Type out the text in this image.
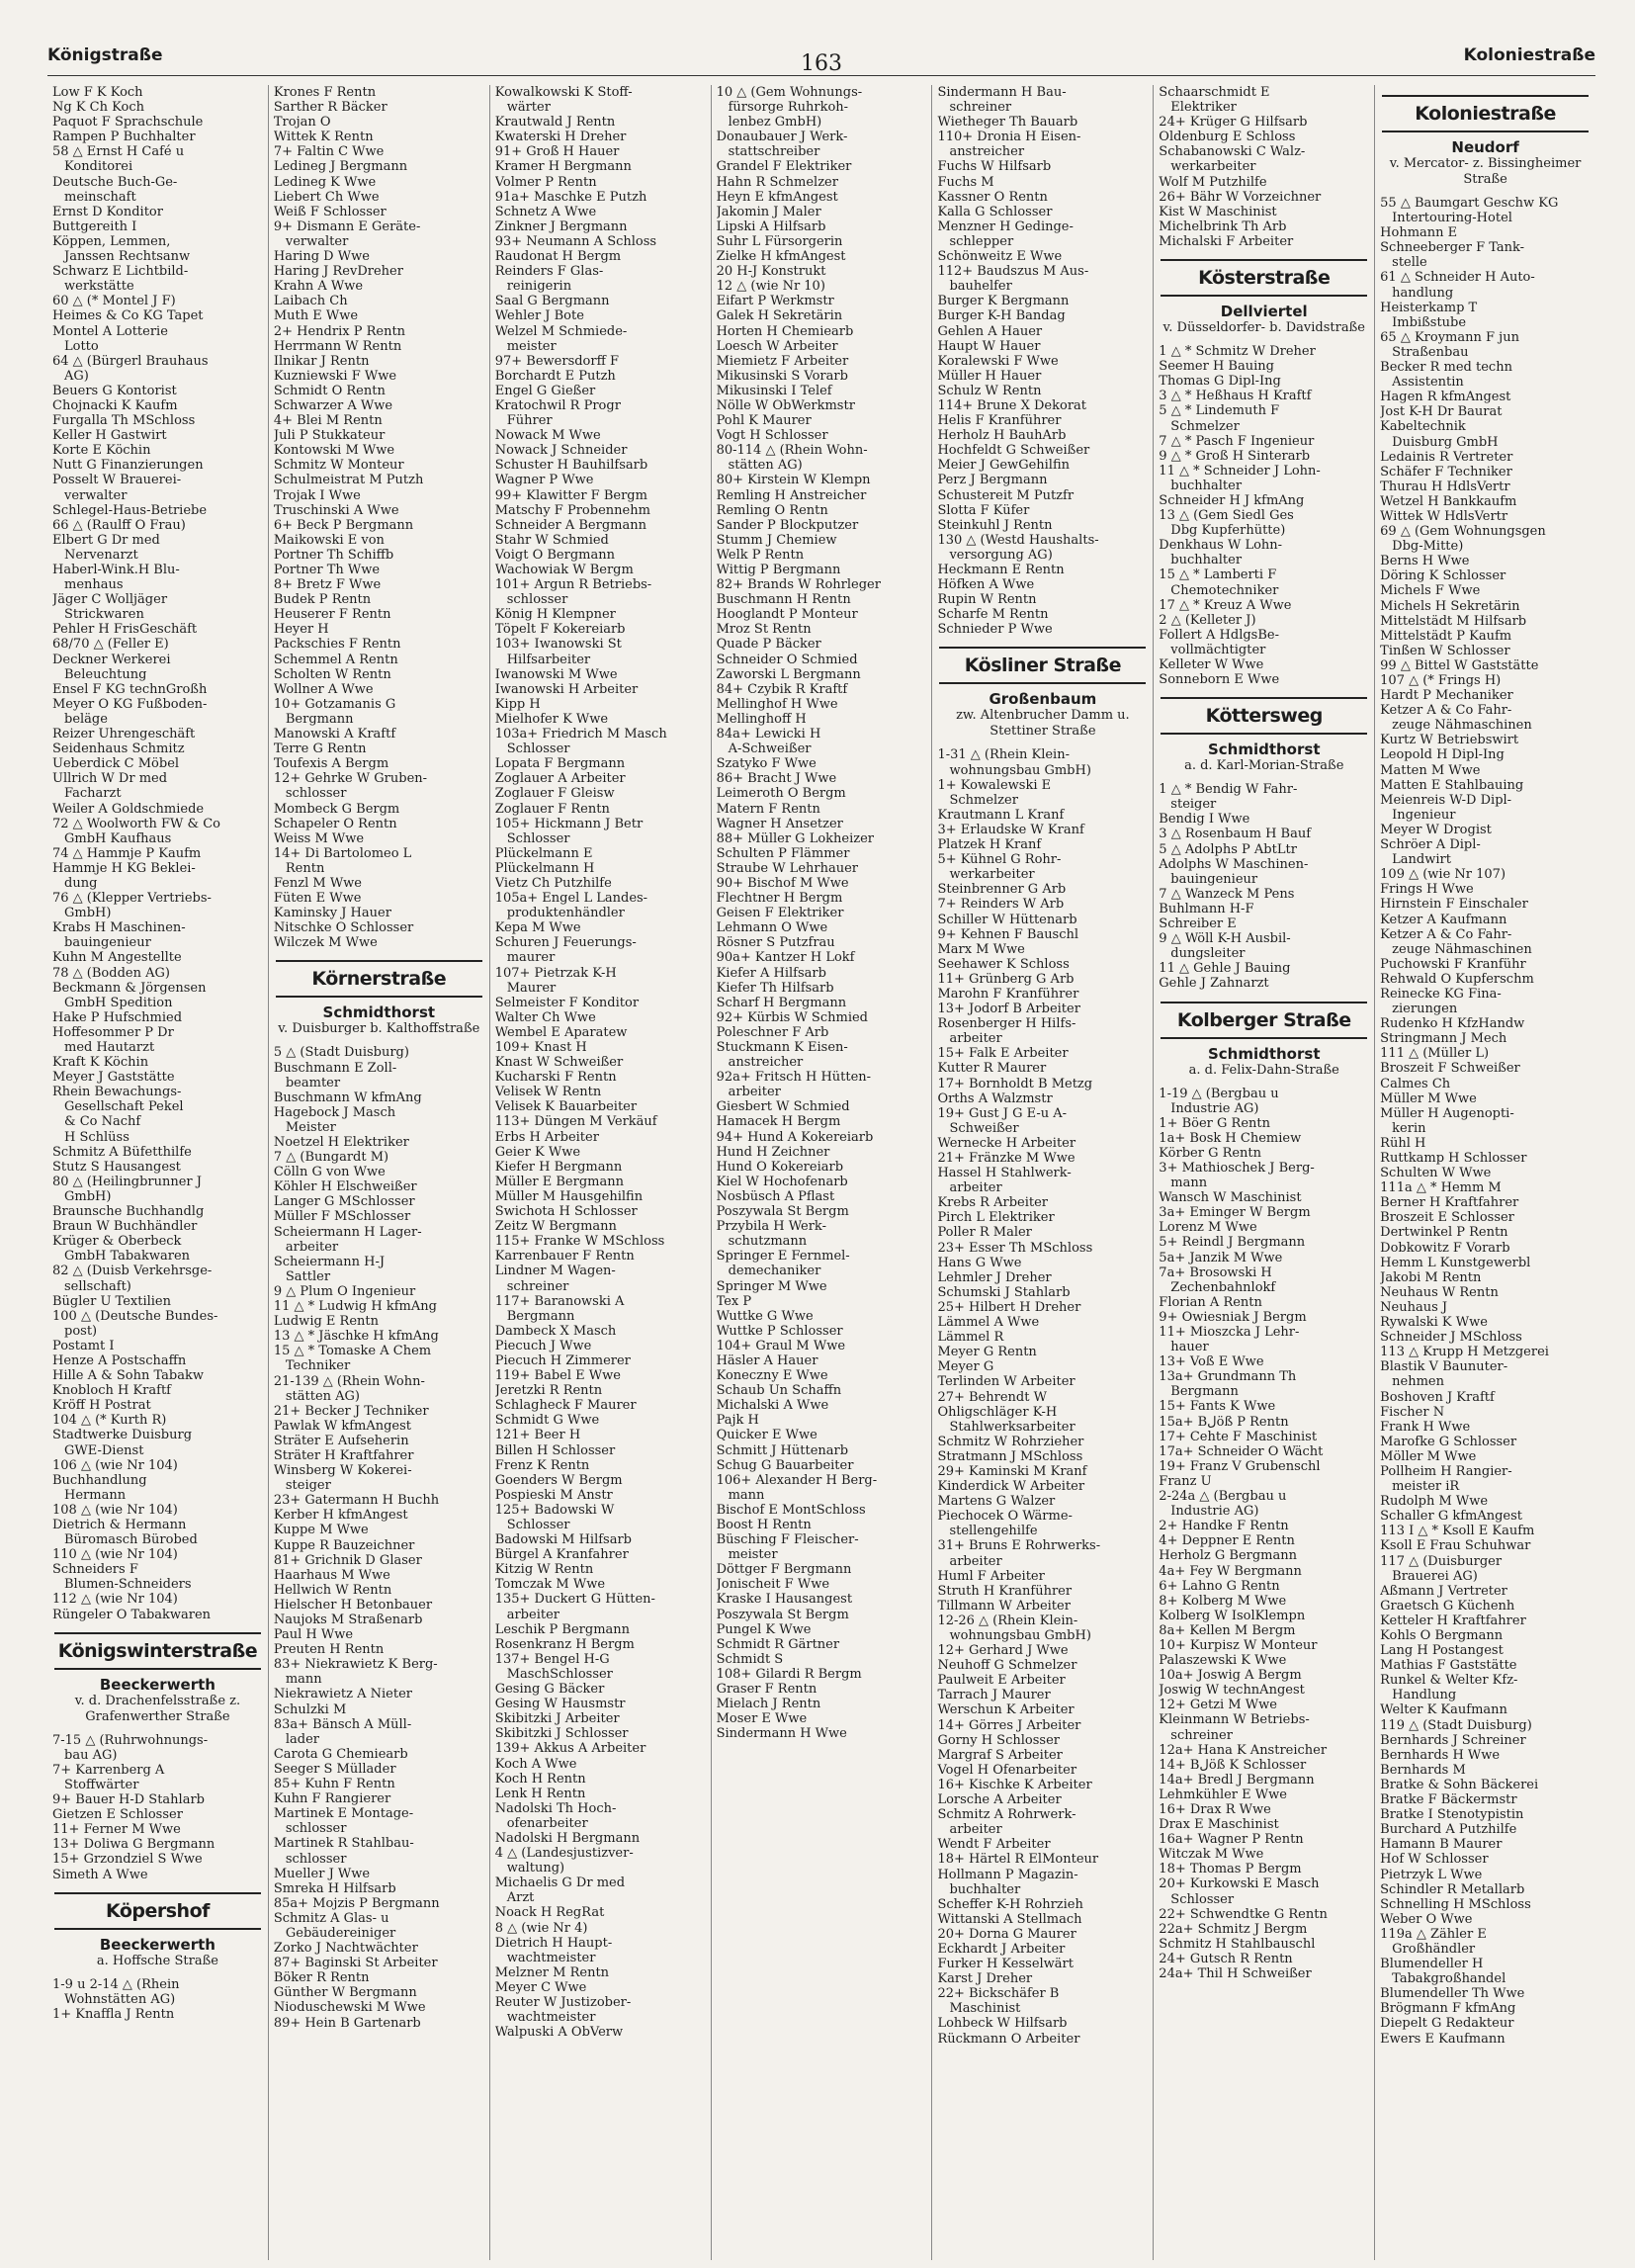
Königstraße	163	Koloniestraße
Low F K Koch
Ng K Ch Koch
Paquot F Sprachschule
Rampen P Buchhalter
58 △ Ernst H Café u
Konditorei
Deutsche Buch-Ge-
meinschaft
Ernst D Konditor
Buttgereith I
Köppen, Lemmen,
Janssen Rechtsanw
Schwarz E Lichtbild-
werkstätte
60 △ (* Montel J F)
Heimes & Co KG Tapet
Montel A Lotterie
Lotto
64 △ (Bürgerl Brauhaus
AG)
Beuers G Kontorist
Chojnacki K Kaufm
Furgalla Th MSchloss
Keller H Gastwirt
Korte E Köchin
Nutt G Finanzierungen
Posselt W Brauerei-
verwalter
Schlegel-Haus-Betriebe
66 △ (Raulff O Frau)
Elbert G Dr med
Nervenarzt
Haberl-Wink.H Blu-
menhaus
Jäger C Wolljäger
Strickwaren
Pehler H FrisGeschäft
68/70 △ (Feller E)
Deckner Werkerei
Beleuchtung
Ensel F KG technGroßh
Meyer O KG Fußboden-
beläge
Reizer Uhrengeschäft
Seidenhaus Schmitz
Ueberdick C Möbel
Ullrich W Dr med
Facharzt
Weiler A Goldschmiede
72 △ Woolworth FW & Co
GmbH Kaufhaus
74 △ Hammje P Kaufm
Hammje H KG Beklei-
dung
76 △ (Klepper Vertriebs-
GmbH)
Krabs H Maschinen-
bauingenieur
Kuhn M Angestellte
78 △ (Bodden AG)
Beckmann & Jörgensen
GmbH Spedition
Hake P Hufschmied
Hoffesommer P Dr
med Hautarzt
Kraft K Köchin
Meyer J Gaststätte
Rhein Bewachungs-
Gesellschaft Pekel
& Co Nachf
H Schlüss
Schmitz A Büfetthilfe
Stutz S Hausangest
80 △ (Heilingbrunner J
GmbH)
Braunsche Buchhandlg
Braun W Buchhändler
Krüger & Oberbeck
GmbH Tabakwaren
82 △ (Duisb Verkehrsge-
sellschaft)
Bügler U Textilien
100 △ (Deutsche Bundes-
post)
Postamt I
Henze A Postschaffn
Hille A & Sohn Tabakw
Knobloch H Kraftf
Kröff H Postrat
104 △ (* Kurth R)
Stadtwerke Duisburg
GWE-Dienst
106 △ (wie Nr 104)
Buchhandlung
Hermann
108 △ (wie Nr 104)
Dietrich & Hermann
Büromasch Bürobed
110 △ (wie Nr 104)
Schneiders F
Blumen-Schneiders
112 △ (wie Nr 104)
Rüngeler O Tabakwaren
Königswinterstraße
Beeckerwerth
v. d. Drachenfelsstraße z. Grafenwerther Straße
7-15 △ (Ruhrwohnungs-
bau AG)
7+ Karrenberg A
Stoffwärter
9+ Bauer H-D Stahlarb
Gietzen E Schlosser
11+ Ferner M Wwe
13+ Doliwa G Bergmann
15+ Grzondziel S Wwe
Simeth A Wwe
Köpershof
Beeckerwerth
a. Hoffsche Straße
1-9 u 2-14 △ (Rhein
Wohnstätten AG)
1+ Knaffla J Rentn
Krones F Rentn
Sarther R Bäcker
Trojan O
Wittek K Rentn
7+ Faltin C Wwe
Ledineg J Bergmann
Ledineg K Wwe
Liebert Ch Wwe
Weiß F Schlosser
9+ Dismann E Geräte-
verwalter
Haring D Wwe
Haring J RevDreher
Krahn A Wwe
Laibach Ch
Muth E Wwe
2+ Hendrix P Rentn
Herrmann W Rentn
Ilnikar J Rentn
Kuzniewski F Wwe
Schmidt O Rentn
Schwarzer A Wwe
4+ Blei M Rentn
Juli P Stukkateur
Kontowski M Wwe
Schmitz W Monteur
Schulmeistrat M Putzh
Trojak I Wwe
Truschinski A Wwe
6+ Beck P Bergmann
Maikowski E von
Portner Th Schiffb
Portner Th Wwe
8+ Bretz F Wwe
Budek P Rentn
Heuserer F Rentn
Heyer H
Packschies F Rentn
Schemmel A Rentn
Scholten W Rentn
Wollner A Wwe
10+ Gotzamanis G
Bergmann
Manowski A Kraftf
Terre G Rentn
Toufexis A Bergm
12+ Gehrke W Gruben-
schlosser
Mombeck G Bergm
Schapeler O Rentn
Weiss M Wwe
14+ Di Bartolomeo L
Rentn
Fenzl M Wwe
Füten E Wwe
Kaminsky J Hauer
Nitschke O Schlosser
Wilczek M Wwe
Körnerstraße
Schmidthorst
v. Duisburger b. Kalthoffstraße
5 △ (Stadt Duisburg)
Buschmann E Zoll-
beamter
Buschmann W kfmAng
Hagebock J Masch
Meister
Noetzel H Elektriker
7 △ (Bungardt M)
Cölln G von Wwe
Köhler H Elschweißer
Langer G MSchlosser
Müller F MSchlosser
Scheiermann H Lager-
arbeiter
Scheiermann H-J
Sattler
9 △ Plum O Ingenieur
11 △ * Ludwig H kfmAng
Ludwig E Rentn
13 △ * Jäschke H kfmAng
15 △ * Tomaske A Chem
Techniker
21-139 △ (Rhein Wohn-
stätten AG)
21+ Becker J Techniker
Pawlak W kfmAngest
Sträter E Aufseherin
Sträter H Kraftfahrer
Winsberg W Kokerei-
steiger
23+ Gatermann H Buchh
Kerber H kfmAngest
Kuppe M Wwe
Kuppe R Bauzeichner
81+ Grichnik D Glaser
Haarhaus M Wwe
Hellwich W Rentn
Hielscher H Betonbauer
Naujoks M Straßenarb
Paul H Wwe
Preuten H Rentn
83+ Niekrawietz K Berg-
mann
Niekrawietz A Nieter
Schulzki M
83a+ Bänsch A Müll-
lader
Carota G Chemiearb
Seeger S Müllader
85+ Kuhn F Rentn
Kuhn F Rangierer
Martinek E Montage-
schlosser
Martinek R Stahlbau-
schlosser
Mueller J Wwe
Smreka H Hilfsarb
85a+ Mojzis P Bergmann
Schmitz A Glas- u
Gebäudereiniger
Zorko J Nachtwächter
87+ Baginski St Arbeiter
Böker R Rentn
Günther W Bergmann
Nioduschewski M Wwe
89+ Hein B Gartenarb
Kowalkowski K Stoff-
wärter
Krautwald J Rentn
Kwaterski H Dreher
91+ Groß H Hauer
Kramer H Bergmann
Volmer P Rentn
91a+ Maschke E Putzh
Schnetz A Wwe
Zinkner J Bergmann
93+ Neumann A Schloss
Raudonat H Bergm
Reinders F Glas-
reinigerin
Saal G Bergmann
Wehler J Bote
Welzel M Schmiede-
meister
97+ Bewersdorff F
Borchardt E Putzh
Engel G Gießer
Kratochwil R Progr
Führer
Nowack M Wwe
Nowack J Schneider
Schuster H Bauhilfsarb
Wagner P Wwe
99+ Klawitter F Bergm
Matschy F Probennehm
Schneider A Bergmann
Stahr W Schmied
Voigt O Bergmann
Wachowiak W Bergm
101+ Argun R Betriebs-
schlosser
König H Klempner
Töpelt F Kokereiarb
103+ Iwanowski St
Hilfsarbeiter
Iwanowski M Wwe
Iwanowski H Arbeiter
Kipp H
Mielhofer K Wwe
103a+ Friedrich M Masch
Schlosser
Lopata F Bergmann
Zoglauer A Arbeiter
Zoglauer F Gleisw
Zoglauer F Rentn
105+ Hickmann J Betr
Schlosser
Plückelmann E
Plückelmann H
Vietz Ch Putzhilfe
105a+ Engel L Landes-
produktenhändler
Kepa M Wwe
Schuren J Feuerungs-
maurer
107+ Pietrzak K-H
Maurer
Selmeister F Konditor
Walter Ch Wwe
Wembel E Aparatew
109+ Knast H
Knast W Schweißer
Kucharski F Rentn
Velisek W Rentn
Velisek K Bauarbeiter
113+ Düngen M Verkäuf
Erbs H Arbeiter
Geier K Wwe
Kiefer H Bergmann
Müller E Bergmann
Müller M Hausgehilfin
Swichota H Schlosser
Zeitz W Bergmann
115+ Franke W MSchloss
Karrenbauer F Rentn
Lindner M Wagen-
schreiner
117+ Baranowski A
Bergmann
Dambeck X Masch
Piecuch J Wwe
Piecuch H Zimmerer
119+ Babel E Wwe
Jeretzki R Rentn
Schlagheck F Maurer
Schmidt G Wwe
121+ Beer H
Billen H Schlosser
Frenz K Rentn
Goenders W Bergm
Pospieski M Anstr
125+ Badowski W
Schlosser
Badowski M Hilfsarb
Bürgel A Kranfahrer
Kitzig W Rentn
Tomczak M Wwe
135+ Duckert G Hütten-
arbeiter
Leschik P Bergmann
Rosenkranz H Bergm
137+ Bengel H-G
MaschSchlosser
Gesing G Bäcker
Gesing W Hausmstr
Skibitzki J Arbeiter
Skibitzki J Schlosser
139+ Akkus A Arbeiter
Koch A Wwe
Koch H Rentn
Lenk H Rentn
Nadolski Th Hoch-
ofenarbeiter
Nadolski H Bergmann
4 △ (Landesjustizver-
waltung)
Michaelis G Dr med
Arzt
Noack H RegRat
8 △ (wie Nr 4)
Dietrich H Haupt-
wachtmeister
Melzner M Rentn
Meyer C Wwe
Reuter W Justizober-
wachtmeister
Walpuski A ObVerw
10 △ (Gem Wohnungs-
fürsorge Ruhrkoh-
lenbez GmbH)
Donaubauer J Werk-
stattschreiber
Grandel F Elektriker
Hahn R Schmelzer
Heyn E kfmAngest
Jakomin J Maler
Lipski A Hilfsarb
Suhr L Fürsorgerin
Zielke H kfmAngest
20 H-J Konstrukt
12 △ (wie Nr 10)
Eifart P Werkmstr
Galek H Sekretärin
Horten H Chemiearb
Loesch W Arbeiter
Miemietz F Arbeiter
Mikusinski S Vorarb
Mikusinski I Telef
Nölle W ObWerkmstr
Pohl K Maurer
Vogt H Schlosser
80-114 △ (Rhein Wohn-
stätten AG)
80+ Kirstein W Klempn
Remling H Anstreicher
Remling O Rentn
Sander P Blockputzer
Stumm J Chemiew
Welk P Rentn
Wittig P Bergmann
82+ Brands W Rohrleger
Buschmann H Rentn
Hooglandt P Monteur
Mroz St Rentn
Quade P Bäcker
Schneider O Schmied
Zaworski L Bergmann
84+ Czybik R Kraftf
Mellinghof H Wwe
Mellinghoff H
84a+ Lewicki H
A-Schweißer
Szatyko F Wwe
86+ Bracht J Wwe
Leimeroth O Bergm
Matern F Rentn
Wagner H Ansetzer
88+ Müller G Lokheizer
Schulten P Flämmer
Straube W Lehrhauer
90+ Bischof M Wwe
Flechtner H Bergm
Geisen F Elektriker
Lehmann O Wwe
Rösner S Putzfrau
90a+ Kantzer H Lokf
Kiefer A Hilfsarb
Kiefer Th Hilfsarb
Scharf H Bergmann
92+ Kürbis W Schmied
Poleschner F Arb
Stuckmann K Eisen-
anstreicher
92a+ Fritsch H Hütten-
arbeiter
Giesbert W Schmied
Hamacek H Bergm
94+ Hund A Kokereiarb
Hund H Zeichner
Hund O Kokereiarb
Kiel W Hochofenarb
Nosbüsch A Pflast
Poszywala St Bergm
Przybila H Werk-
schutzmann
Springer E Fernmel-
demechaniker
Springer M Wwe
Tex P
Wuttke G Wwe
Wuttke P Schlosser
104+ Graul M Wwe
Häsler A Hauer
Koneczny E Wwe
Schaub Un Schaffn
Michalski A Wwe
Pajk H
Quicker E Wwe
Schmitt J Hüttenarb
Schug G Bauarbeiter
106+ Alexander H Berg-
mann
Bischof E MontSchloss
Boost H Rentn
Büsching F Fleischer-
meister
Döttger F Bergmann
Jonischeit F Wwe
Kraske I Hausangest
Poszywala St Bergm
Pungel K Wwe
Schmidt R Gärtner
Schmidt S
108+ Gilardi R Bergm
Graser F Rentn
Mielach J Rentn
Moser E Wwe
Sindermann H Wwe
Sindermann H Bau-
schreiner
Wietheger Th Bauarb
110+ Dronia H Eisen-
anstreicher
Fuchs W Hilfsarb
Fuchs M
Kassner O Rentn
Kalla G Schlosser
Menzner H Gedinge-
schlepper
Schönweitz E Wwe
112+ Baudszus M Aus-
bauhelfer
Burger K Bergmann
Burger K-H Bandag
Gehlen A Hauer
Haupt W Hauer
Koralewski F Wwe
Müller H Hauer
Schulz W Rentn
114+ Brune X Dekorat
Helis F Kranführer
Herholz H BauhArb
Hochfeldt G Schweißer
Meier J GewGehilfin
Perz J Bergmann
Schustereit M Putzfr
Slotta F Küfer
Steinkuhl J Rentn
130 △ (Westd Haushalts-
versorgung AG)
Heckmann E Rentn
Höfken A Wwe
Rupin W Rentn
Scharfe M Rentn
Schnieder P Wwe
Kösliner Straße
Großenbaum
zw. Altenbrucher Damm u. Stettiner Straße
1-31 △ (Rhein Klein-
wohnungsbau GmbH)
1+ Kowalewski E
Schmelzer
Krautmann L Kranf
3+ Erlaudske W Kranf
Platzek H Kranf
5+ Kühnel G Rohr-
werkarbeiter
Steinbrenner G Arb
7+ Reinders W Arb
Schiller W Hüttenarb
9+ Kehnen F Bauschl
Marx M Wwe
Seehawer K Schloss
11+ Grünberg G Arb
Marohn F Kranführer
13+ Jodorf B Arbeiter
Rosenberger H Hilfs-
arbeiter
15+ Falk E Arbeiter
Kutter R Maurer
17+ Bornholdt B Metzg
Orths A Walzmstr
19+ Gust J G E-u A-
Schweißer
Wernecke H Arbeiter
21+ Fränzke M Wwe
Hassel H Stahlwerk-
arbeiter
Krebs R Arbeiter
Pirch L Elektriker
Poller R Maler
23+ Esser Th MSchloss
Hans G Wwe
Lehmler J Dreher
Schumski J Stahlarb
25+ Hilbert H Dreher
Lämmel A Wwe
Lämmel R
Meyer G Rentn
Meyer G
Terlinden W Arbeiter
27+ Behrendt W
Ohligschläger K-H
Stahlwerksarbeiter
Schmitz W Rohrzieher
Stratmann J MSchloss
29+ Kaminski M Kranf
Kinderdick W Arbeiter
Martens G Walzer
Piechocek O Wärme-
stellengehilfe
31+ Bruns E Rohrwerks-
arbeiter
Huml F Arbeiter
Struth H Kranführer
Tillmann W Arbeiter
12-26 △ (Rhein Klein-
wohnungsbau GmbH)
12+ Gerhard J Wwe
Neuhoff G Schmelzer
Paulweit E Arbeiter
Tarrach J Maurer
Werschun K Arbeiter
14+ Görres J Arbeiter
Gorny H Schlosser
Margraf S Arbeiter
Vogel H Ofenarbeiter
16+ Kischke K Arbeiter
Lorsche A Arbeiter
Schmitz A Rohrwerk-
arbeiter
Wendt F Arbeiter
18+ Härtel R ElMonteur
Hollmann P Magazin-
buchhalter
Scheffer K-H Rohrzieh
Wittanski A Stellmach
20+ Dorna G Maurer
Eckhardt J Arbeiter
Furker H Kesselwärt
Karst J Dreher
22+ Bickschäfer B
Maschinist
Lohbeck W Hilfsarb
Rückmann O Arbeiter
Schaarschmidt E
Elektriker
24+ Krüger G Hilfsarb
Oldenburg E Schloss
Schabanowski C Walz-
werkarbeiter
Wolf M Putzhilfe
26+ Bähr W Vorzeichner
Kist W Maschinist
Michelbrink Th Arb
Michalski F Arbeiter
Kösterstraße
Dellviertel
v. Düsseldorfer- b. Davidstraße
1 △ * Schmitz W Dreher
Seemer H Bauing
Thomas G Dipl-Ing
3 △ * Heßhaus H Kraftf
5 △ * Lindemuth F
Schmelzer
7 △ * Pasch F Ingenieur
9 △ * Groß H Sinterarb
11 △ * Schneider J Lohn-
buchhalter
Schneider H J kfmAng
13 △ (Gem Siedl Ges
Dbg Kupferhütte)
Denkhaus W Lohn-
buchhalter
15 △ * Lamberti F
Chemotechniker
17 △ * Kreuz A Wwe
2 △ (Kelleter J)
Follert A HdlgsBe-
vollmächtigter
Kelleter W Wwe
Sonneborn E Wwe
Köttersweg
Schmidthorst
a. d. Karl-Morian-Straße
1 △ * Bendig W Fahr-
steiger
Bendig I Wwe
3 △ Rosenbaum H Bauf
5 △ Adolphs P AbtLtr
Adolphs W Maschinen-
bauingenieur
7 △ Wanzeck M Pens
Buhlmann H-F
Schreiber E
9 △ Wöll K-H Ausbil-
dungsleiter
11 △ Gehle J Bauing
Gehle J Zahnarzt
Kolberger Straße
Schmidthorst
a. d. Felix-Dahn-Straße
1-19 △ (Bergbau u
Industrie AG)
1+ Böer G Rentn
1a+ Bosk H Chemiew
Körber G Rentn
3+ Mathioschek J Berg-
mann
Wansch W Maschinist
3a+ Eminger W Bergm
Lorenz M Wwe
5+ Reindl J Bergmann
5a+ Janzik M Wwe
7a+ Brosowski H
Zechenbahnlokf
Florian A Rentn
9+ Owiesniak J Bergm
11+ Mioszcka J Lehr-
hauer
13+ Voß E Wwe
13a+ Grundmann Th
Bergmann
15+ Fants K Wwe
15a+ Bلöß P Rentn
17+ Cehte F Maschinist
17a+ Schneider O Wächt
19+ Franz V Grubenschl
Franz U
2-24a △ (Bergbau u
Industrie AG)
2+ Handke F Rentn
4+ Deppner E Rentn
Herholz G Bergmann
4a+ Fey W Bergmann
6+ Lahno G Rentn
8+ Kolberg M Wwe
Kolberg W IsolKlempn
8a+ Kellen M Bergm
10+ Kurpisz W Monteur
Palaszewski K Wwe
10a+ Joswig A Bergm
Joswig W technAngest
12+ Getzi M Wwe
Kleinmann W Betriebs-
schreiner
12a+ Hana K Anstreicher
14+ Bلöß K Schlosser
14a+ Bredl J Bergmann
Lehmkühler E Wwe
16+ Drax R Wwe
Drax E Maschinist
16a+ Wagner P Rentn
Witczak M Wwe
18+ Thomas P Bergm
20+ Kurkowski E Masch
Schlosser
22+ Schwendtke G Rentn
22a+ Schmitz J Bergm
Schmitz H Stahlbauschl
24+ Gutsch R Rentn
24a+ Thil H Schweißer
Koloniestraße
Neudorf
v. Mercator- z. Bissingheimer Straße
55 △ Baumgart Geschw KG
Intertouring-Hotel
Hohmann E
Schneeberger F Tank-
stelle
61 △ Schneider H Auto-
handlung
Heisterkamp T
Imbißstube
65 △ Kroymann F jun
Straßenbau
Becker R med techn
Assistentin
Hagen R kfmAngest
Jost K-H Dr Baurat
Kabeltechnik
Duisburg GmbH
Ledainis R Vertreter
Schäfer F Techniker
Thurau H HdlsVertr
Wetzel H Bankkaufm
Wittek W HdlsVertr
69 △ (Gem Wohnungsgen
Dbg-Mitte)
Berns H Wwe
Döring K Schlosser
Michels F Wwe
Michels H Sekretärin
Mittelstädt M Hilfsarb
Mittelstädt P Kaufm
Tinßen W Schlosser
99 △ Bittel W Gaststätte
107 △ (* Frings H)
Hardt P Mechaniker
Ketzer A & Co Fahr-
zeuge Nähmaschinen
Kurtz W Betriebswirt
Leopold H Dipl-Ing
Matten M Wwe
Matten E Stahlbauing
Meienreis W-D Dipl-
Ingenieur
Meyer W Drogist
Schröer A Dipl-
Landwirt
109 △ (wie Nr 107)
Frings H Wwe
Hirnstein F Einschaler
Ketzer A Kaufmann
Ketzer A & Co Fahr-
zeuge Nähmaschinen
Puchowski F Kranführ
Rehwald O Kupferschm
Reinecke KG Fina-
zierungen
Rudenko H KfzHandw
Stringmann J Mech
111 △ (Müller L)
Broszeit F Schweißer
Calmes Ch
Müller M Wwe
Müller H Augenopti-
kerin
Rühl H
Ruttkamp H Schlosser
Schulten W Wwe
111a △ * Hemm M
Berner H Kraftfahrer
Broszeit E Schlosser
Dertwinkel P Rentn
Dobkowitz F Vorarb
Hemm L Kunstgewerbl
Jakobi M Rentn
Neuhaus W Rentn
Neuhaus J
Rywalski K Wwe
Schneider J MSchloss
113 △ Krupp H Metzgerei
Blastik V Baunuter-
nehmen
Boshoven J Kraftf
Fischer N
Frank H Wwe
Marofke G Schlosser
Möller M Wwe
Pollheim H Rangier-
meister iR
Rudolph M Wwe
Schaller G kfmAngest
113 I △ * Ksoll E Kaufm
Ksoll E Frau Schuhwar
117 △ (Duisburger
Brauerei AG)
Aßmann J Vertreter
Graetsch G Küchenh
Ketteler H Kraftfahrer
Kohls O Bergmann
Lang H Postangest
Mathias F Gaststätte
Runkel & Welter Kfz-
Handlung
Welter K Kaufmann
119 △ (Stadt Duisburg)
Bernhards J Schreiner
Bernhards H Wwe
Bernhards M
Bratke & Sohn Bäckerei
Bratke F Bäckermstr
Bratke I Stenotypistin
Burchard A Putzhilfe
Hamann B Maurer
Hof W Schlosser
Pietrzyk L Wwe
Schindler R Metallarb
Schnelling H MSchloss
Weber O Wwe
119a △ Zähler E
Großhändler
Blumendeller H
Tabakgroßhandel
Blumendeller Th Wwe
Brögmann F kfmAng
Diepelt G Redakteur
Ewers E Kaufmann
